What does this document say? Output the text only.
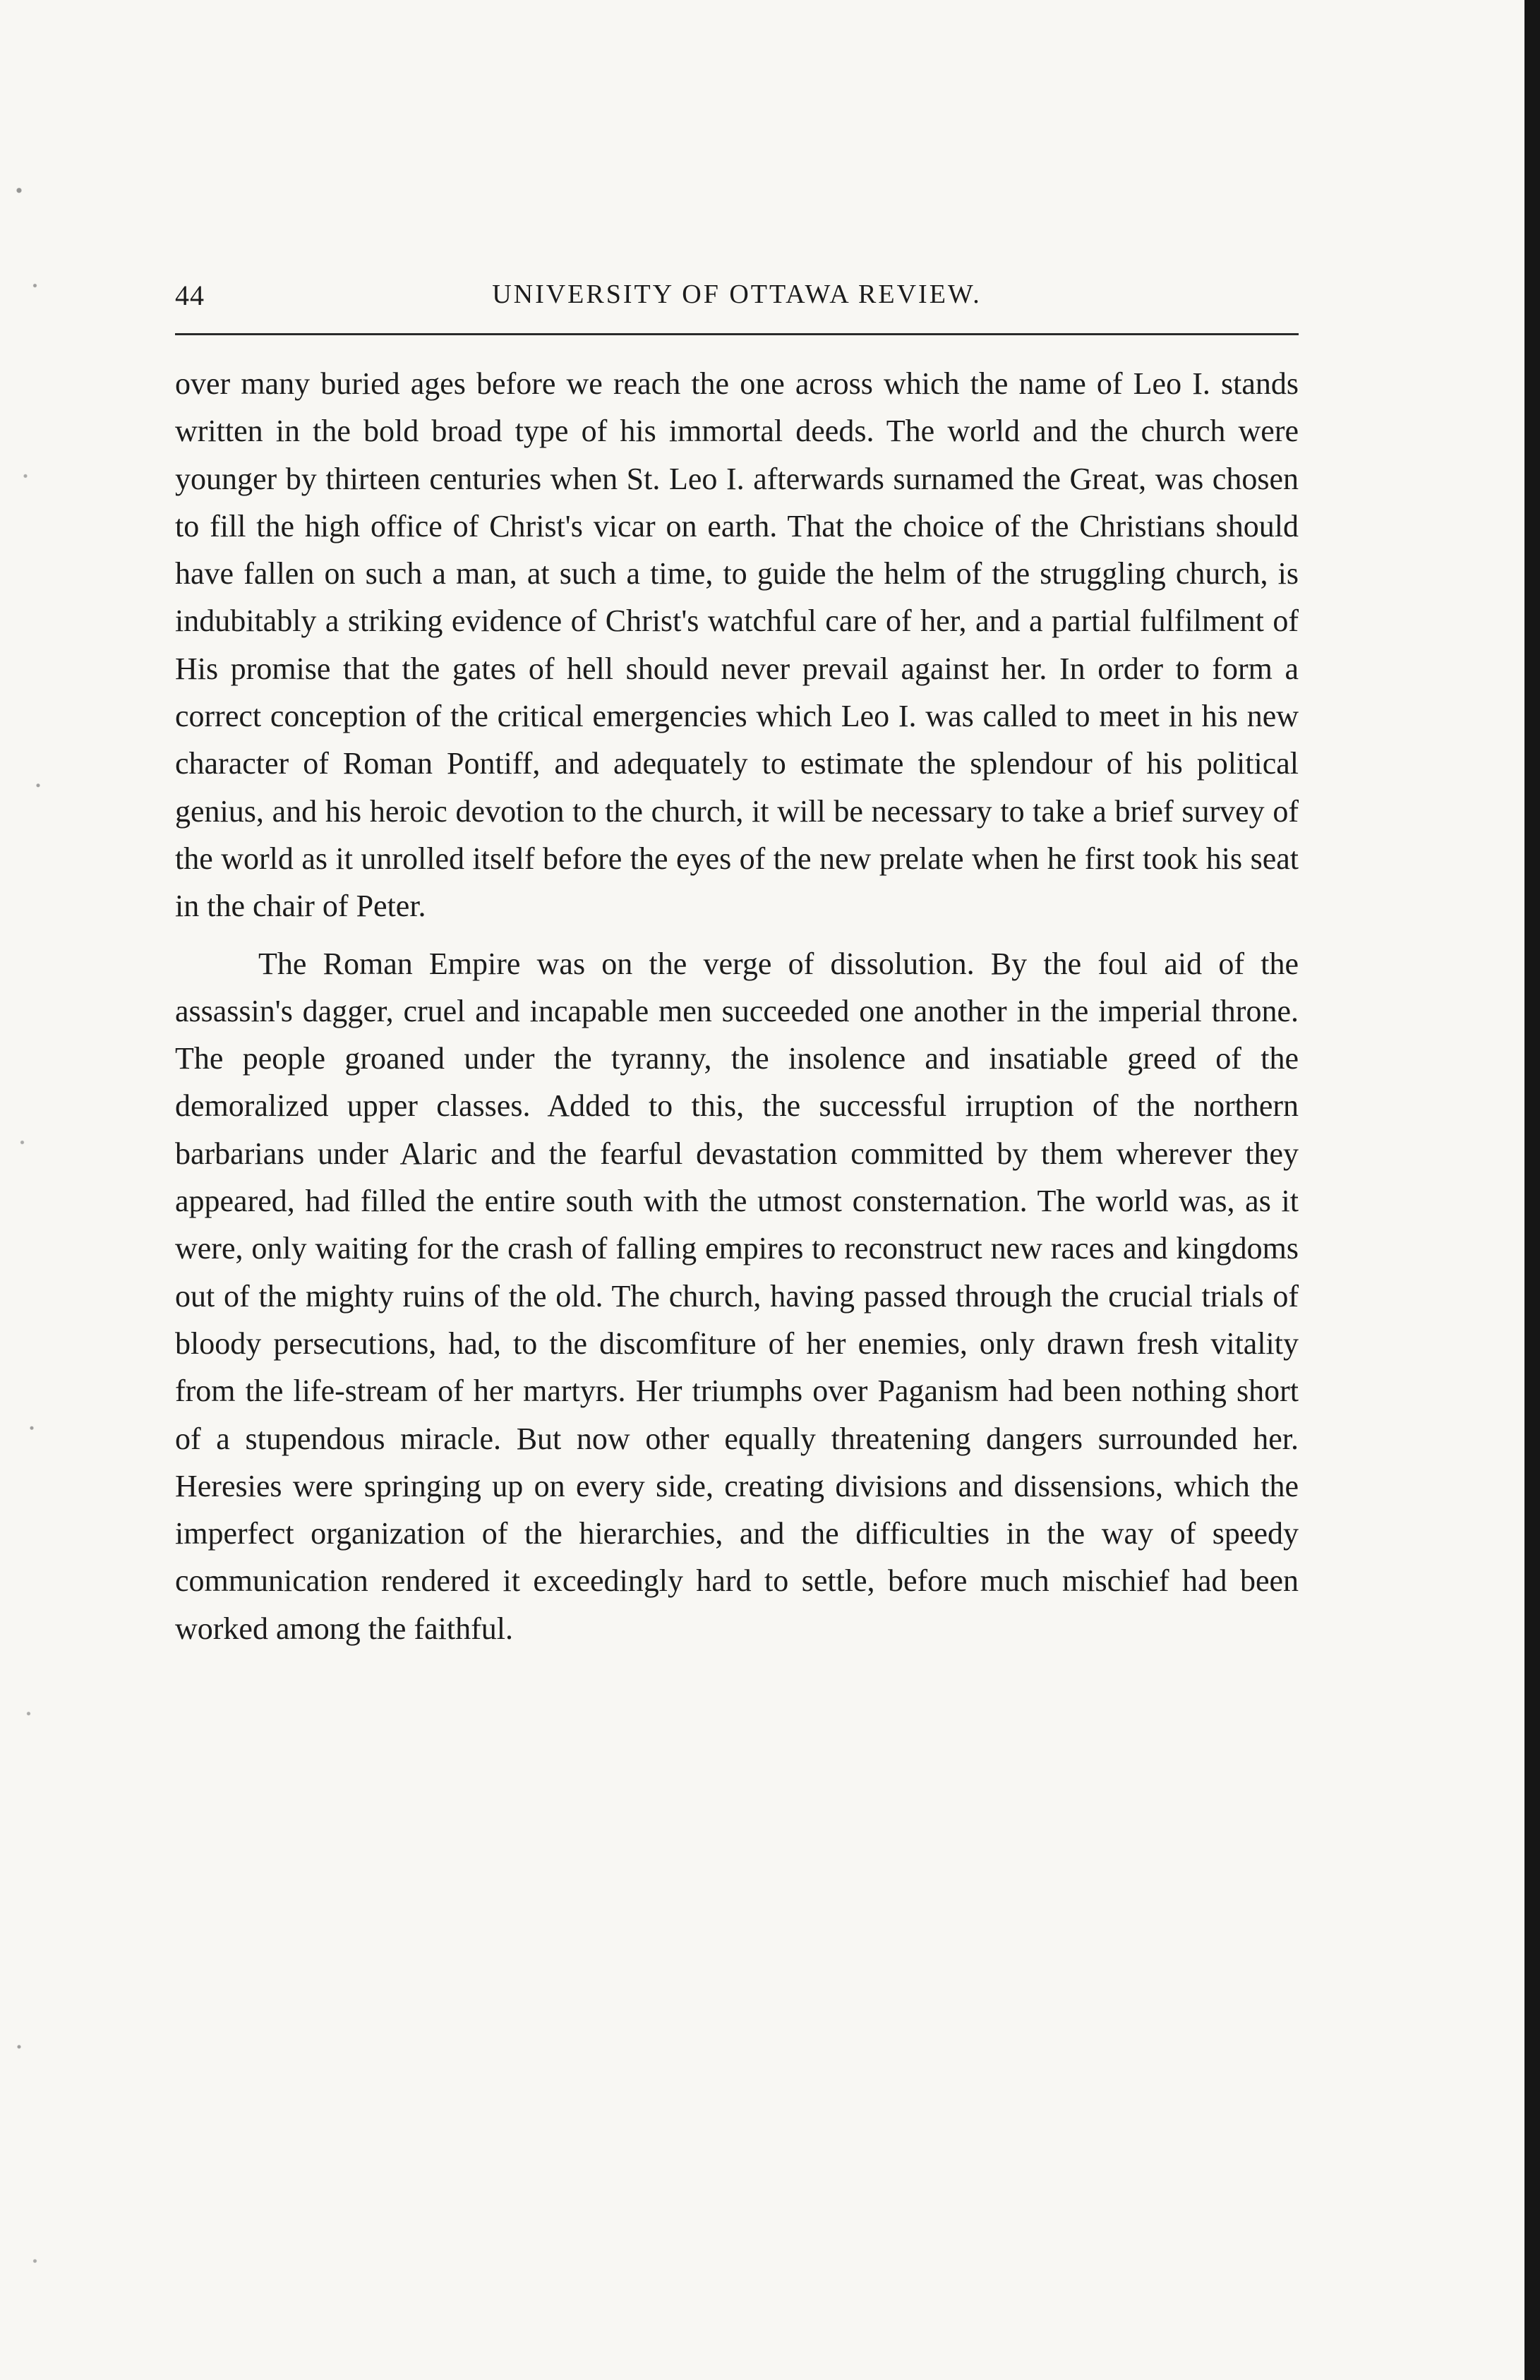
44	UNIVERSITY OF OTTAWA REVIEW.

over many buried ages before we reach the one across which the name of Leo I. stands written in the bold broad type of his immortal deeds. The world and the church were younger by thirteen centuries when St. Leo I. afterwards surnamed the Great, was chosen to fill the high office of Christ's vicar on earth. That the choice of the Christians should have fallen on such a man, at such a time, to guide the helm of the struggling church, is indubitably a striking evidence of Christ's watchful care of her, and a partial fulfilment of His promise that the gates of hell should never prevail against her. In order to form a correct conception of the critical emergencies which Leo I. was called to meet in his new character of Roman Pontiff, and adequately to estimate the splendour of his political genius, and his heroic devotion to the church, it will be necessary to take a brief survey of the world as it unrolled itself before the eyes of the new prelate when he first took his seat in the chair of Peter.

The Roman Empire was on the verge of dissolution. By the foul aid of the assassin's dagger, cruel and incapable men succeeded one another in the imperial throne. The people groaned under the tyranny, the insolence and insatiable greed of the demoralized upper classes. Added to this, the successful irruption of the northern barbarians under Alaric and the fearful devastation committed by them wherever they appeared, had filled the entire south with the utmost consternation. The world was, as it were, only waiting for the crash of falling empires to reconstruct new races and kingdoms out of the mighty ruins of the old. The church, having passed through the crucial trials of bloody persecutions, had, to the discomfiture of her enemies, only drawn fresh vitality from the life-stream of her martyrs. Her triumphs over Paganism had been nothing short of a stupendous miracle. But now other equally threatening dangers surrounded her. Heresies were springing up on every side, creating divisions and dissensions, which the imperfect organization of the hierarchies, and the difficulties in the way of speedy communication rendered it exceedingly hard to settle, before much mischief had been worked among the faithful.
